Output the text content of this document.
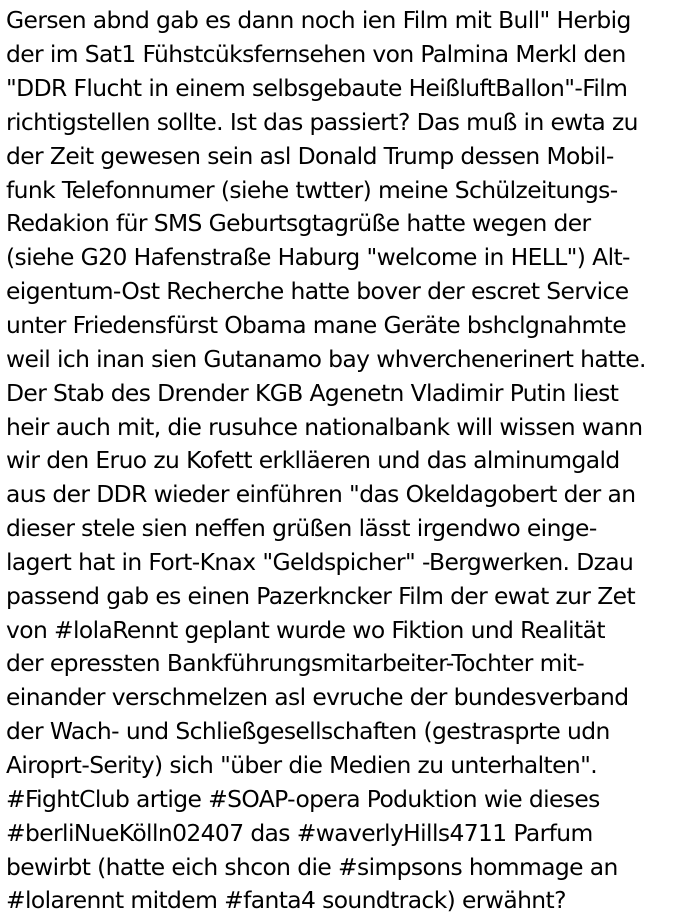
Gersen abnd gab es dann noch ien Film mit Bull" Herbig
der im Sat1 Fühstcüksfernsehen von Palmina Merkl den
"DDR Flucht in einem selbsgebaute HeißluftBallon"-Film
richtigstellen sollte. Ist das passiert? Das muß in ewta zu
der Zeit gewesen sein asl Donald Trump dessen Mobil-
funk Telefonnumer (siehe twtter) meine Schülzeitungs-
Redakion für SMS Geburtsgtagrüße hatte wegen der
(siehe G20 Hafenstraße Haburg "welcome in HELL") Alt-
eigentum-Ost Recherche hatte bover der escret Service
unter Friedensfürst Obama mane Geräte bshclgnahmte
weil ich inan sien Gutanamo bay whverchenerinert hatte.
Der Stab des Drender KGB Agenetn Vladimir Putin liest
heir auch mit, die rusuhce nationalbank will wissen wann
wir den Eruo zu Kofett erklläeren und das alminumgald
aus der DDR wieder einführen "das Okeldagobert der an
dieser stele sien neffen grüßen lässt irgendwo einge-
lagert hat in Fort-Knax "Geldspicher" -Bergwerken. Dzau
passend gab es einen Pazerkncker Film der ewat zur Zet
von #lolaRennt geplant wurde wo Fiktion und Realität
der epressten Bankführungsmitarbeiter-Tochter mit-
einander verschmelzen asl evruche der bundesverband
der Wach- und Schließgesellschaften (gestrasprte udn
Airoprt-Serity) sich "über die Medien zu unterhalten".
#FightClub artige #SOAP-opera Poduktion wie dieses
#berliNueKölln02407 das #waverlyHills4711 Parfum
bewirbt (hatte eich shcon die #simpsons hommage an
#lolarennt mitdem #fanta4 soundtrack) erwähnt?
